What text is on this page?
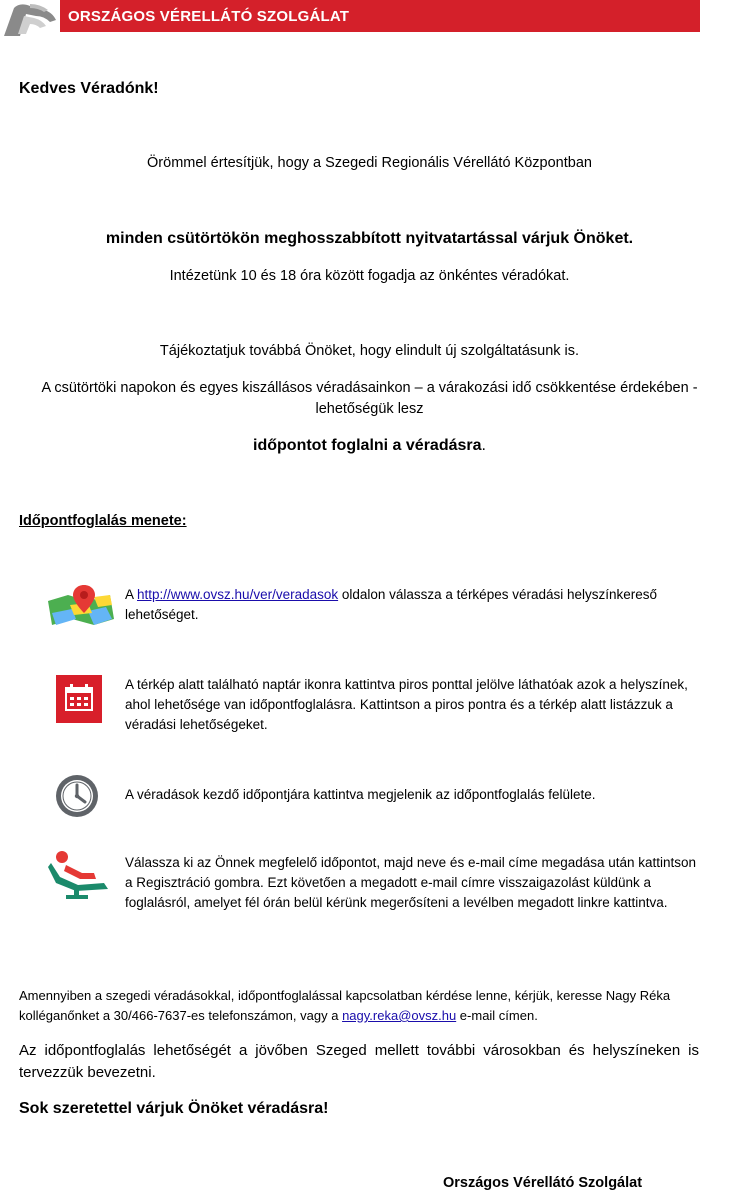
ORSZÁGOS VÉRELLÁTÓ SZOLGÁLAT
Kedves Véradónk!
Örömmel értesítjük, hogy a Szegedi Regionális Vérellátó Központban
minden csütörtökön meghosszabbított nyitvatartással várjuk Önöket.
Intézetünk 10 és 18 óra között fogadja az önkéntes véradókat.
Tájékoztatjuk továbbá Önöket, hogy elindult új szolgáltatásunk is.
A csütörtöki napokon és egyes kiszállásos véradásainkon – a várakozási idő csökkentése érdekében - lehetőségük lesz
időpontot foglalni a véradásra.
Időpontfoglalás menete:
A http://www.ovsz.hu/ver/veradasok oldalon válassza a térképes véradási helyszínkereső lehetőséget.
A térkép alatt található naptár ikonra kattintva piros ponttal jelölve láthatóak azok a helyszínek, ahol lehetősége van időpontfoglalásra. Kattintson a piros pontra és a térkép alatt listázzuk a véradási lehetőségeket.
A véradások kezdő időpontjára kattintva megjelenik az időpontfoglalás felülete.
Válassza ki az Önnek megfelelő időpontot, majd neve és e-mail címe megadása után kattintson a Regisztráció gombra. Ezt követően a megadott e-mail címre visszaigazolást küldünk a foglalásról, amelyet fél órán belül kérünk megerősíteni a levélben megadott linkre kattintva.
Amennyiben a szegedi véradásokkal, időpontfoglalással kapcsolatban kérdése lenne, kérjük, keresse Nagy Réka kolléganőnket a 30/466-7637-es telefonszámon, vagy a nagy.reka@ovsz.hu e-mail címen.
Az időpontfoglalás lehetőségét a jövőben Szeged mellett további városokban és helyszíneken is tervezzük bevezetni.
Sok szeretettel várjuk Önöket véradásra!
Országos Vérellátó Szolgálat
